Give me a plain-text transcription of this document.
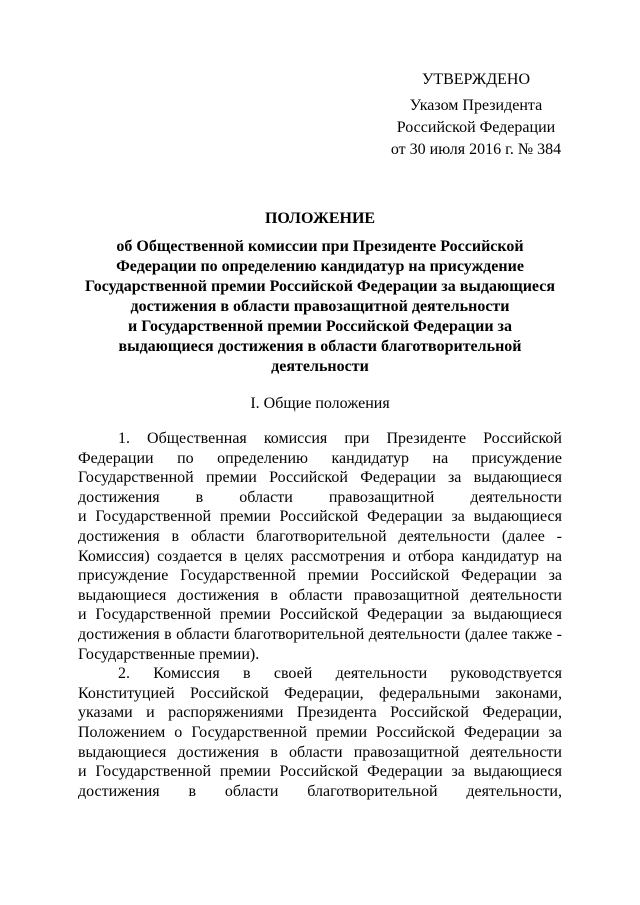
УТВЕРЖДЕНО
Указом Президента
Российской Федерации
от 30 июля 2016 г. № 384
ПОЛОЖЕНИЕ
об Общественной комиссии при Президенте Российской
Федерации по определению кандидатур на присуждение
Государственной премии Российской Федерации за выдающиеся
достижения в области правозащитной деятельности
и Государственной премии Российской Федерации за
выдающиеся достижения в области благотворительной
деятельности
I. Общие положения
1. Общественная комиссия при Президенте Российской
Федерации по определению кандидатур на присуждение
Государственной премии Российской Федерации за выдающиеся
достижения в области правозащитной деятельности
и Государственной премии Российской Федерации за выдающиеся
достижения в области благотворительной деятельности (далее -
Комиссия) создается в целях рассмотрения и отбора кандидатур на
присуждение Государственной премии Российской Федерации за
выдающиеся достижения в области правозащитной деятельности
и Государственной премии Российской Федерации за выдающиеся
достижения в области благотворительной деятельности (далее также -
Государственные премии).
2. Комиссия в своей деятельности руководствуется
Конституцией Российской Федерации, федеральными законами,
указами и распоряжениями Президента Российской Федерации,
Положением о Государственной премии Российской Федерации за
выдающиеся достижения в области правозащитной деятельности
и Государственной премии Российской Федерации за выдающиеся
достижения в области благотворительной деятельности,
